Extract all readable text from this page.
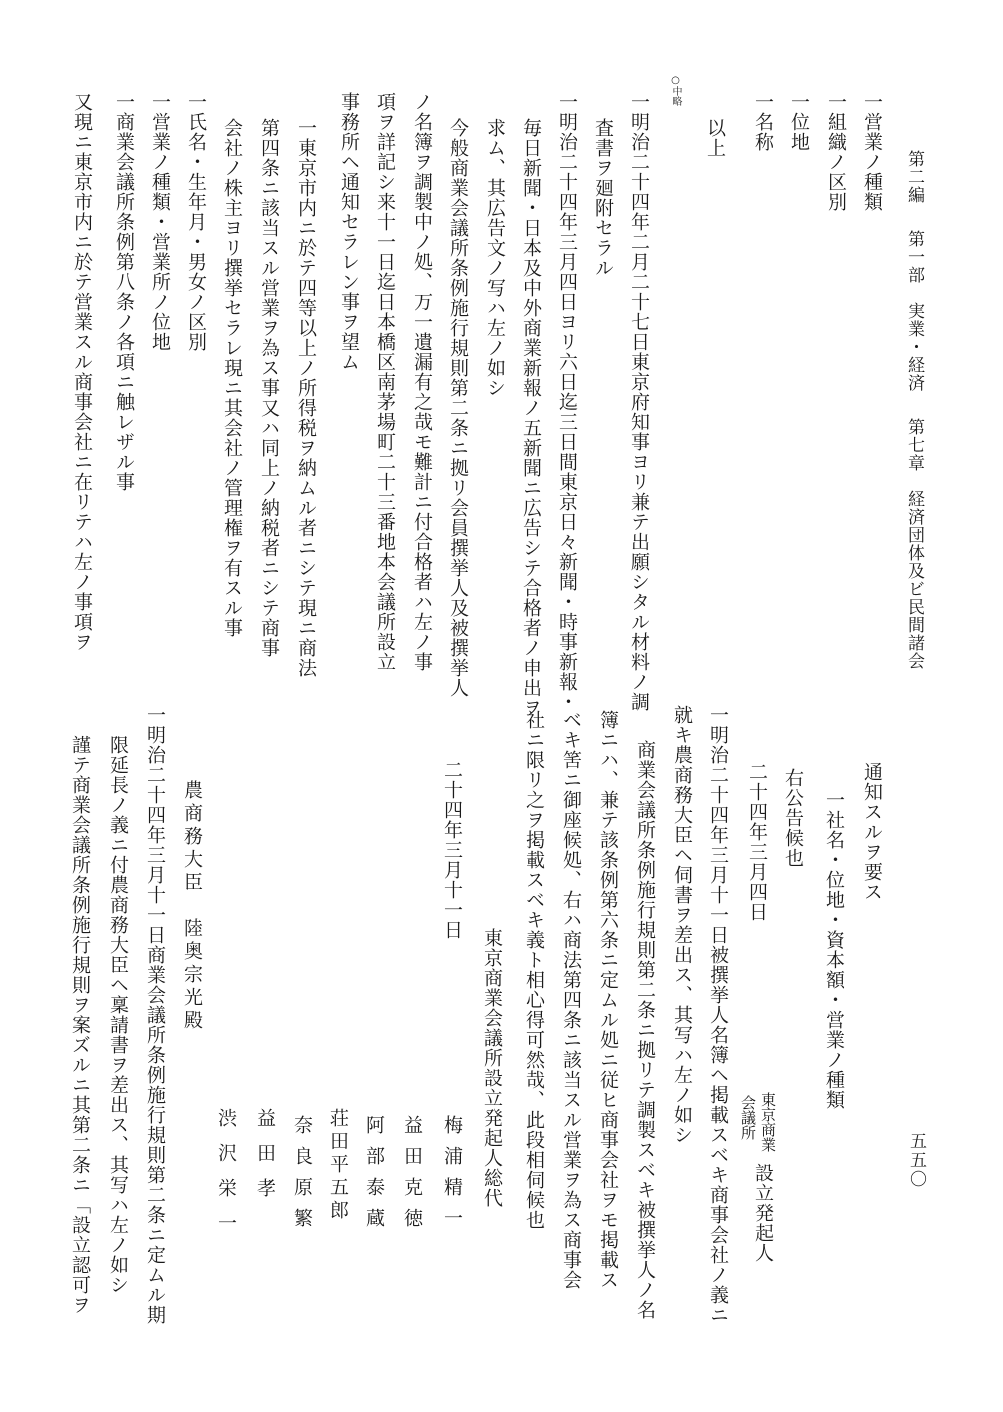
第二編第一部　実業・経済第七章　経済団体及ビ民間諸会
五五〇
一営業ノ種類
一組織ノ区別
一位地
一名称
以上
○中略
一明治二十四年二月二十七日東京府知事ヨリ兼テ出願シタル材料ノ調
査書ヲ廻附セラル
一明治二十四年三月四日ヨリ六日迄三日間東京日々新聞・時事新報・
毎日新聞・日本及中外商業新報ノ五新聞ニ広告シテ合格者ノ申出ヲ
求ム、其広告文ノ写ハ左ノ如シ
今般商業会議所条例施行規則第二条ニ拠リ会員撰挙人及被撰挙人
ノ名簿ヲ調製中ノ処、万一遺漏有之哉モ難計ニ付合格者ハ左ノ事
項ヲ詳記シ来十一日迄日本橋区南茅場町二十三番地本会議所設立
事務所ヘ通知セラレン事ヲ望ム
一東京市内ニ於テ四等以上ノ所得税ヲ納ムル者ニシテ現ニ商法
第四条ニ該当スル営業ヲ為ス事又ハ同上ノ納税者ニシテ商事
会社ノ株主ヨリ撰挙セラレ現ニ其会社ノ管理権ヲ有スル事
一氏名・生年月・男女ノ区別
一営業ノ種類・営業所ノ位地
一商業会議所条例第八条ノ各項ニ触レザル事
又現ニ東京市内ニ於テ営業スル商事会社ニ在リテハ左ノ事項ヲ
通知スルヲ要ス
一社名・位地・資本額・営業ノ種類
東京商業
会議所
設立発起人
右公告候也
二十四年三月四日
一明治二十四年三月十一日被撰挙人名簿ヘ掲載スベキ商事会社ノ義ニ
就キ農商務大臣ヘ伺書ヲ差出ス、其写ハ左ノ如シ
商業会議所条例施行規則第二条ニ拠リテ調製スベキ被撰挙人ノ名
簿ニハ、兼テ該条例第六条ニ定ムル処ニ従ヒ商事会社ヲモ掲載ス
ベキ筈ニ御座候処、右ハ商法第四条ニ該当スル営業ヲ為ス商事会
社ニ限リ之ヲ掲載スベキ義ト相心得可然哉、此段相伺候也
二十四年三月十一日
東京商業会議所設立発起人総代
梅浦精一
益田克徳
阿部泰蔵
荘田平五郎
奈良原繁
益田孝
渋沢栄一
農商務大臣　陸奥宗光殿
一明治二十四年三月十一日商業会議所条例施行規則第二条ニ定ムル期
限延長ノ義ニ付農商務大臣ヘ稟請書ヲ差出ス、其写ハ左ノ如シ
謹テ商業会議所条例施行規則ヲ案ズルニ其第二条ニ「設立認可ヲ
